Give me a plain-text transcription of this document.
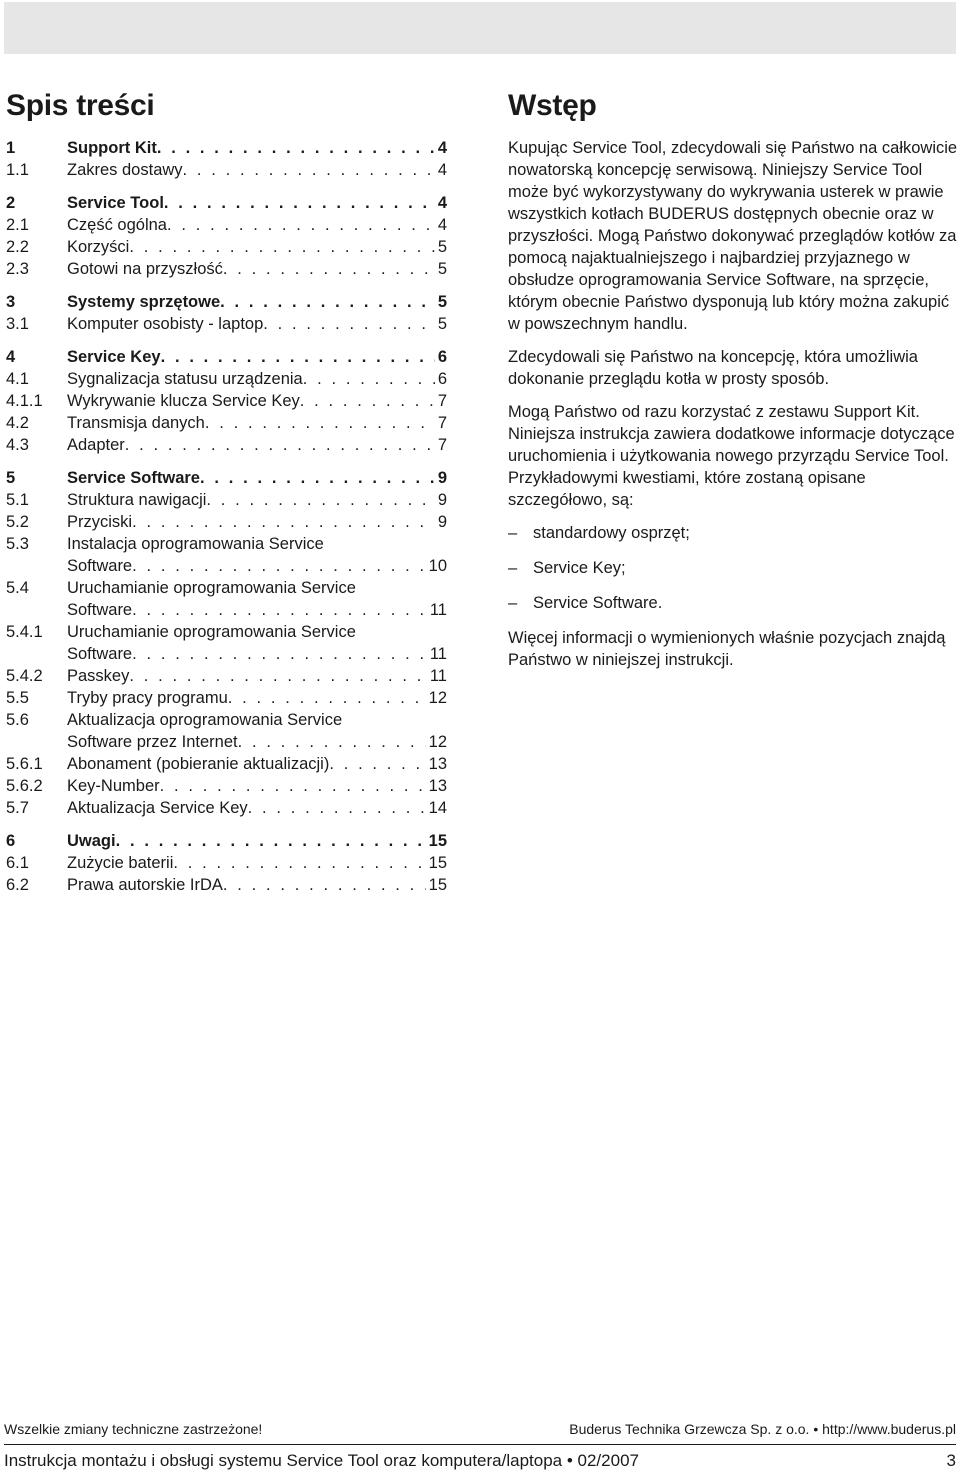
Spis treści
1	Support Kit . . .	4
1.1	Zakres dostawy . . .	4
2	Service Tool . . .	4
2.1	Część ogólna . . .	4
2.2	Korzyści . . .	5
2.3	Gotowi na przyszłość . . .	5
3	Systemy sprzętowe . . .	5
3.1	Komputer osobisty - laptop . . .	5
4	Service Key . . .	6
4.1	Sygnalizacja statusu urządzenia . . .	6
4.1.1	Wykrywanie klucza Service Key . . .	7
4.2	Transmisja danych . . .	7
4.3	Adapter . . .	7
5	Service Software . . .	9
5.1	Struktura nawigacji . . .	9
5.2	Przyciski . . .	9
5.3	Instalacja oprogramowania Service
Software . . .	10
5.4	Uruchamianie oprogramowania Service
Software . . .	11
5.4.1	Uruchamianie oprogramowania Service
Software . . .	11
5.4.2	Passkey . . .	11
5.5	Tryby pracy programu . . .	12
5.6	Aktualizacja oprogramowania Service
Software przez Internet . . .	12
5.6.1	Abonament (pobieranie aktualizacji) . . .	13
5.6.2	Key-Number . . .	13
5.7	Aktualizacja Service Key . . .	14
6	Uwagi . . .	15
6.1	Zużycie baterii . . .	15
6.2	Prawa autorskie IrDA . . .	15
Wstęp

Kupując Service Tool, zdecydowali się Państwo na całkowicie nowatorską koncepcję serwisową. Niniejszy Service Tool może być wykorzystywany do wykrywania usterek w prawie wszystkich kotłach BUDERUS dostępnych obecnie oraz w przyszłości. Mogą Państwo dokonywać przeglądów kotłów za pomocą najaktualniejszego i najbardziej przyjaznego w obsłudze oprogramowania Service Software, na sprzęcie, którym obecnie Państwo dysponują lub który można zakupić w powszechnym handlu.

Zdecydowali się Państwo na koncepcję, która umożliwia dokonanie przeglądu kotła w prosty sposób.

Mogą Państwo od razu korzystać z zestawu Support Kit. Niniejsza instrukcja zawiera dodatkowe informacje dotyczące uruchomienia i użytkowania nowego przyrządu Service Tool. Przykładowymi kwestiami, które zostaną opisane szczegółowo, są:

– standardowy osprzęt;
– Service Key;
– Service Software.

Więcej informacji o wymienionych właśnie pozycjach znajdą Państwo w niniejszej instrukcji.

Wszelkie zmiany techniczne zastrzeżone!	Buderus Technika Grzewcza Sp. z o.o. • http://www.buderus.pl
Instrukcja montażu i obsługi systemu Service Tool oraz komputera/laptopa • 02/2007	3
